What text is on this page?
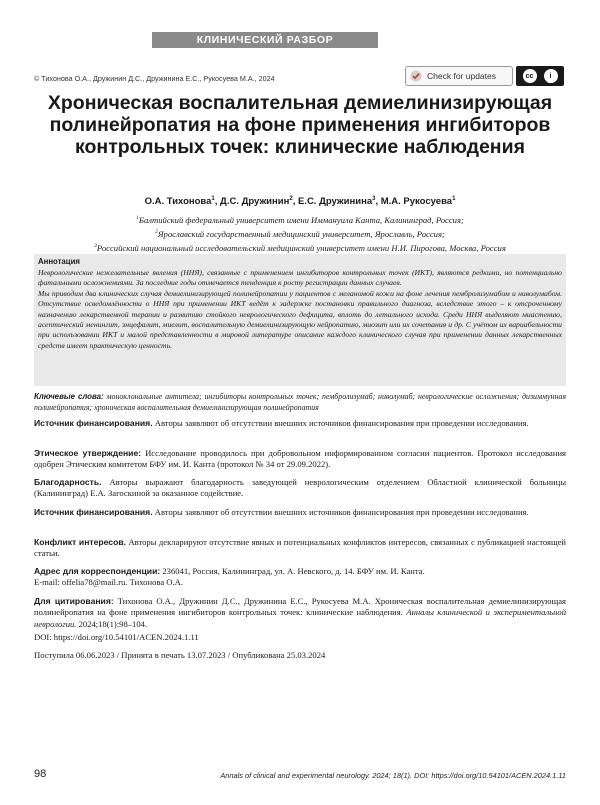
КЛИНИЧЕСКИЙ РАЗБОР
© Тихонова О.А., Дружинин Д.С., Дружинина Е.С., Рукосуева М.А., 2024	Check for updates	cc	i
BY
Хроническая воспалительная демиелинизирующая полинейропатия на фоне применения ингибиторов контрольных точек: клинические наблюдения
О.А. Тихонова$^1$, Д.С. Дружинин$^2$, Е.С. Дружинина$^3$, М.А. Рукосуева$^1$
$^1$Балтийский федеральный университет имени Иммануила Канта, Калининград, Россия;
$^2$Ярославский государственный медицинский университет, Ярославль, Россия;
$^3$Российский национальный исследовательский медицинский университет имени Н.И. Пирогова, Москва, Россия
Аннотация

Неврологические нежелательные явления (ННЯ), связанные с применением ингибиторов контрольных точек (ИКТ), являются редкими, но потенциально фатальными осложнениями. За последние годы отмечается тенденция к росту регистрации данных случаев.

Мы приводим два клинических случая демиелинизирующей полинейропатии у пациентов с меланомой кожи на фоне лечения пембролизумабом и ниволумабом. Отсутствие осведомлённости о ННЯ при применении ИКТ ведёт к задержке постановки правильного диагноза, вследствие этого – к отсроченному назначению лекарственной терапии и развитию стойкого неврологического дефицита, вплоть до летального исхода. Среди ННЯ выделяют миастению, асептический менингит, энцефалит, миелит, воспалительную демиелинизирующую нейропатию, миозит или их сочетания и др. С учётом их вариабельности при использовании ИКТ и малой представленности в мировой литературе описание каждого клинического случая при применении данных лекарственных средств имеет практическую ценность.

Ключевые слова: моноклональные антитела; ингибиторы контрольных точек; пембролизумаб; ниволумаб; неврологические осложнения; дизиммунная полинейропатия; хроническая воспалительная демиелинизирующая полинейропатия
Источник финансирования. Авторы заявляют об отсутствии внешних источников финансирования при проведении исследования.
Этическое утверждение: Исследование проводилось при добровольном информированном согласии пациентов. Протокол исследования одобрен Этическим комитетом БФУ им. И. Канта (протокол № 34 от 29.09.2022).
Благодарность. Авторы выражают благодарность заведующей неврологическим отделением Областной клинической больницы (Калининград) Е.А. Загоскиной за оказанное содействие.
Источник финансирования. Авторы заявляют об отсутствии внешних источников финансирования при проведении исследования.
Конфликт интересов. Авторы декларируют отсутствие явных и потенциальных конфликтов интересов, связанных с публикацией настоящей статьи.
Адрес для корреспонденции: 236041, Россия, Калининград, ул. А. Невского, д. 14. БФУ им. И. Канта.
E-mail: offelia78@mail.ru. Тихонова О.А.
Для цитирования: Тихонова О.А., Дружинин Д.С., Дружинина Е.С., Рукосуева М.А. Хроническая воспалительная демиелинизирующая полинейропатия на фоне применения ингибиторов контрольных точек: клинические наблюдения. Анналы клинической и экспериментальной неврологии. 2024;18(1):98–104.
DOI: https://doi.org/10.54101/ACEN.2024.1.11
Поступила 06.06.2023 / Принята в печать 13.07.2023 / Опубликована 25.03.2024
98	Annals of clinical and experimental neurology. 2024; 18(1). DOI: https://doi.org/10.54101/ACEN.2024.1.11
